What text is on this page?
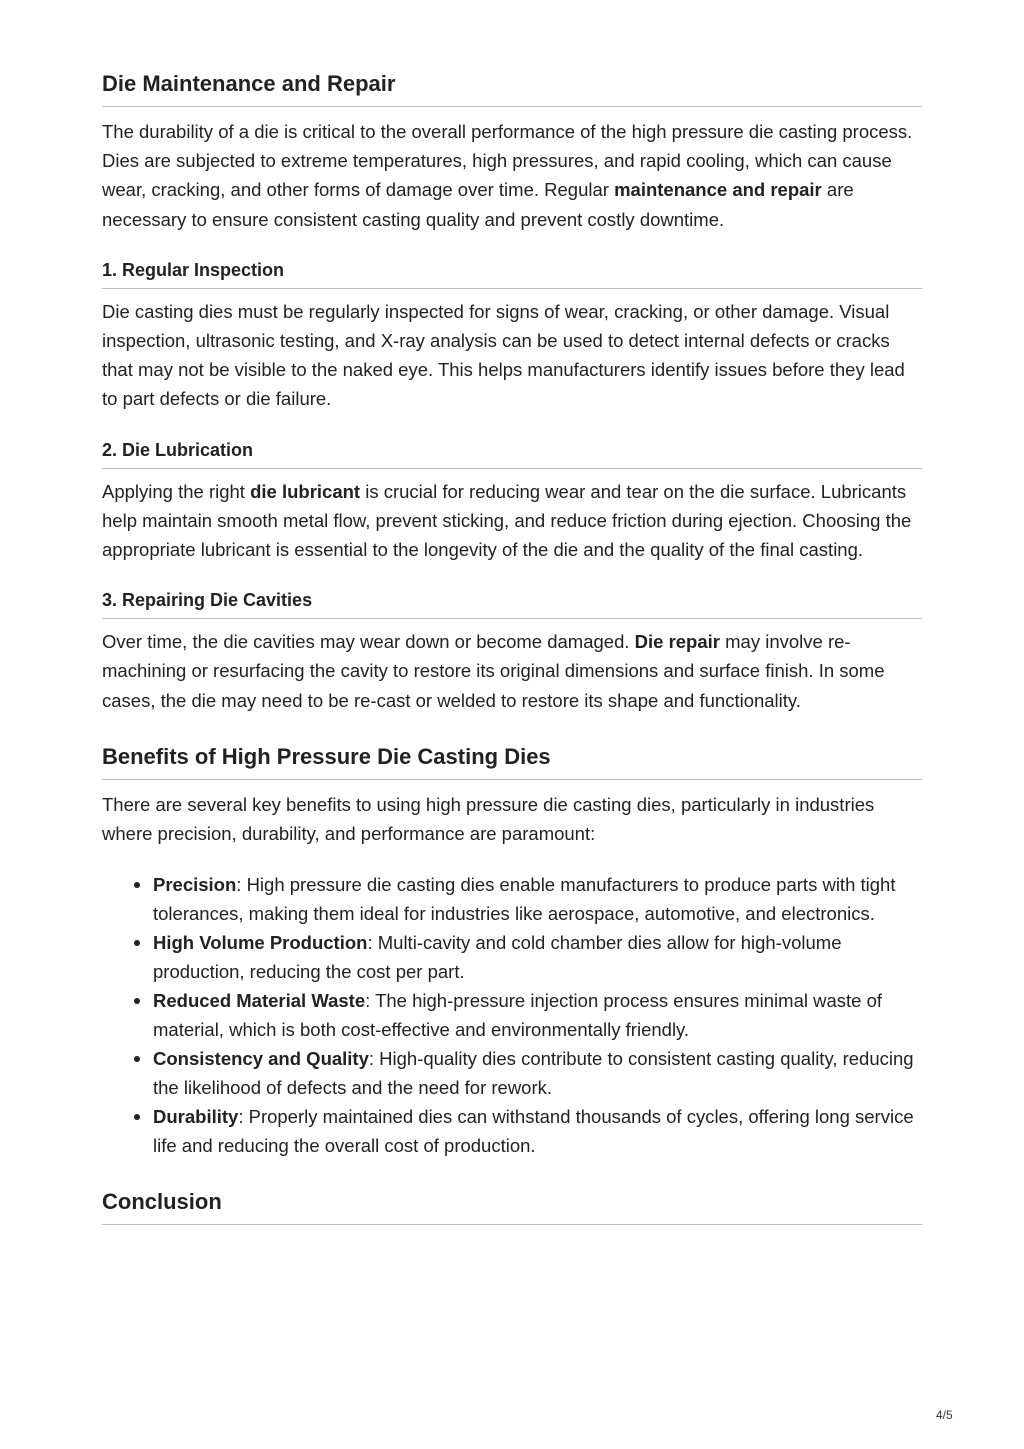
Die Maintenance and Repair

The durability of a die is critical to the overall performance of the high pressure die casting process. Dies are subjected to extreme temperatures, high pressures, and rapid cooling, which can cause wear, cracking, and other forms of damage over time. Regular maintenance and repair are necessary to ensure consistent casting quality and prevent costly downtime.

1. Regular Inspection

Die casting dies must be regularly inspected for signs of wear, cracking, or other damage. Visual inspection, ultrasonic testing, and X-ray analysis can be used to detect internal defects or cracks that may not be visible to the naked eye. This helps manufacturers identify issues before they lead to part defects or die failure.

2. Die Lubrication

Applying the right die lubricant is crucial for reducing wear and tear on the die surface. Lubricants help maintain smooth metal flow, prevent sticking, and reduce friction during ejection. Choosing the appropriate lubricant is essential to the longevity of the die and the quality of the final casting.

3. Repairing Die Cavities

Over time, the die cavities may wear down or become damaged. Die repair may involve re-machining or resurfacing the cavity to restore its original dimensions and surface finish. In some cases, the die may need to be re-cast or welded to restore its shape and functionality.

Benefits of High Pressure Die Casting Dies

There are several key benefits to using high pressure die casting dies, particularly in industries where precision, durability, and performance are paramount:

Precision: High pressure die casting dies enable manufacturers to produce parts with tight tolerances, making them ideal for industries like aerospace, automotive, and electronics.
High Volume Production: Multi-cavity and cold chamber dies allow for high-volume production, reducing the cost per part.
Reduced Material Waste: The high-pressure injection process ensures minimal waste of material, which is both cost-effective and environmentally friendly.
Consistency and Quality: High-quality dies contribute to consistent casting quality, reducing the likelihood of defects and the need for rework.
Durability: Properly maintained dies can withstand thousands of cycles, offering long service life and reducing the overall cost of production.
Conclusion
4/5
